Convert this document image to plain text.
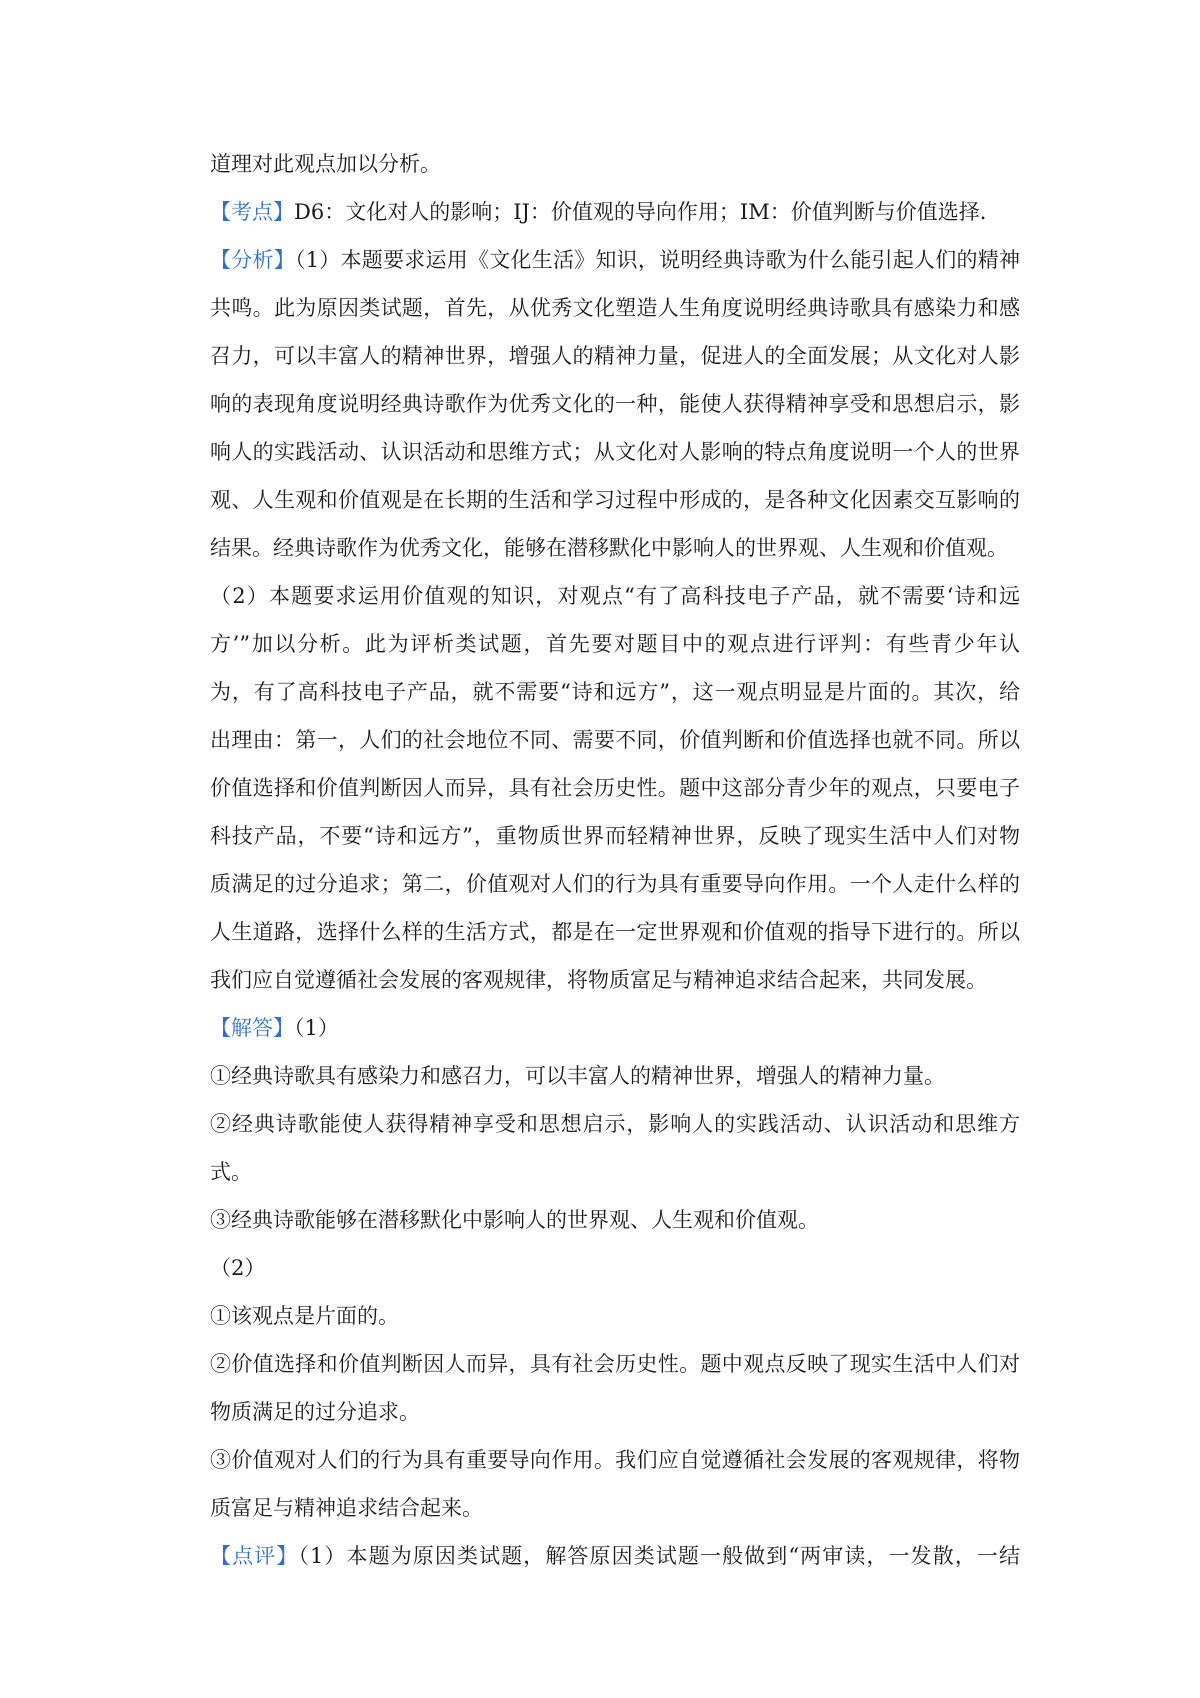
道理对此观点加以分析。
【考点】D6：文化对人的影响；IJ：价值观的导向作用；IM：价值判断与价值选择.
【分析】（1）本题要求运用《文化生活》知识，说明经典诗歌为什么能引起人们的精神
共鸣。此为原因类试题，首先，从优秀文化塑造人生角度说明经典诗歌具有感染力和感
召力，可以丰富人的精神世界，增强人的精神力量，促进人的全面发展；从文化对人影
响的表现角度说明经典诗歌作为优秀文化的一种，能使人获得精神享受和思想启示，影
响人的实践活动、认识活动和思维方式；从文化对人影响的特点角度说明一个人的世界
观、人生观和价值观是在长期的生活和学习过程中形成的，是各种文化因素交互影响的
结果。经典诗歌作为优秀文化，能够在潜移默化中影响人的世界观、人生观和价值观。
（2）本题要求运用价值观的知识，对观点“有了高科技电子产品，就不需要‘诗和远
方’”加以分析。此为评析类试题，首先要对题目中的观点进行评判：有些青少年认
为，有了高科技电子产品，就不需要“诗和远方”，这一观点明显是片面的。其次，给
出理由：第一，人们的社会地位不同、需要不同，价值判断和价值选择也就不同。所以
价值选择和价值判断因人而异，具有社会历史性。题中这部分青少年的观点，只要电子
科技产品，不要“诗和远方”，重物质世界而轻精神世界，反映了现实生活中人们对物
质满足的过分追求；第二，价值观对人们的行为具有重要导向作用。一个人走什么样的
人生道路，选择什么样的生活方式，都是在一定世界观和价值观的指导下进行的。所以
我们应自觉遵循社会发展的客观规律，将物质富足与精神追求结合起来，共同发展。
【解答】（1）
①经典诗歌具有感染力和感召力，可以丰富人的精神世界，增强人的精神力量。
②经典诗歌能使人获得精神享受和思想启示，影响人的实践活动、认识活动和思维方
式。
③经典诗歌能够在潜移默化中影响人的世界观、人生观和价值观。
（2）
①该观点是片面的。
②价值选择和价值判断因人而异，具有社会历史性。题中观点反映了现实生活中人们对
物质满足的过分追求。
③价值观对人们的行为具有重要导向作用。我们应自觉遵循社会发展的客观规律，将物
质富足与精神追求结合起来。
【点评】（1）本题为原因类试题，解答原因类试题一般做到“两审读，一发散，一结
